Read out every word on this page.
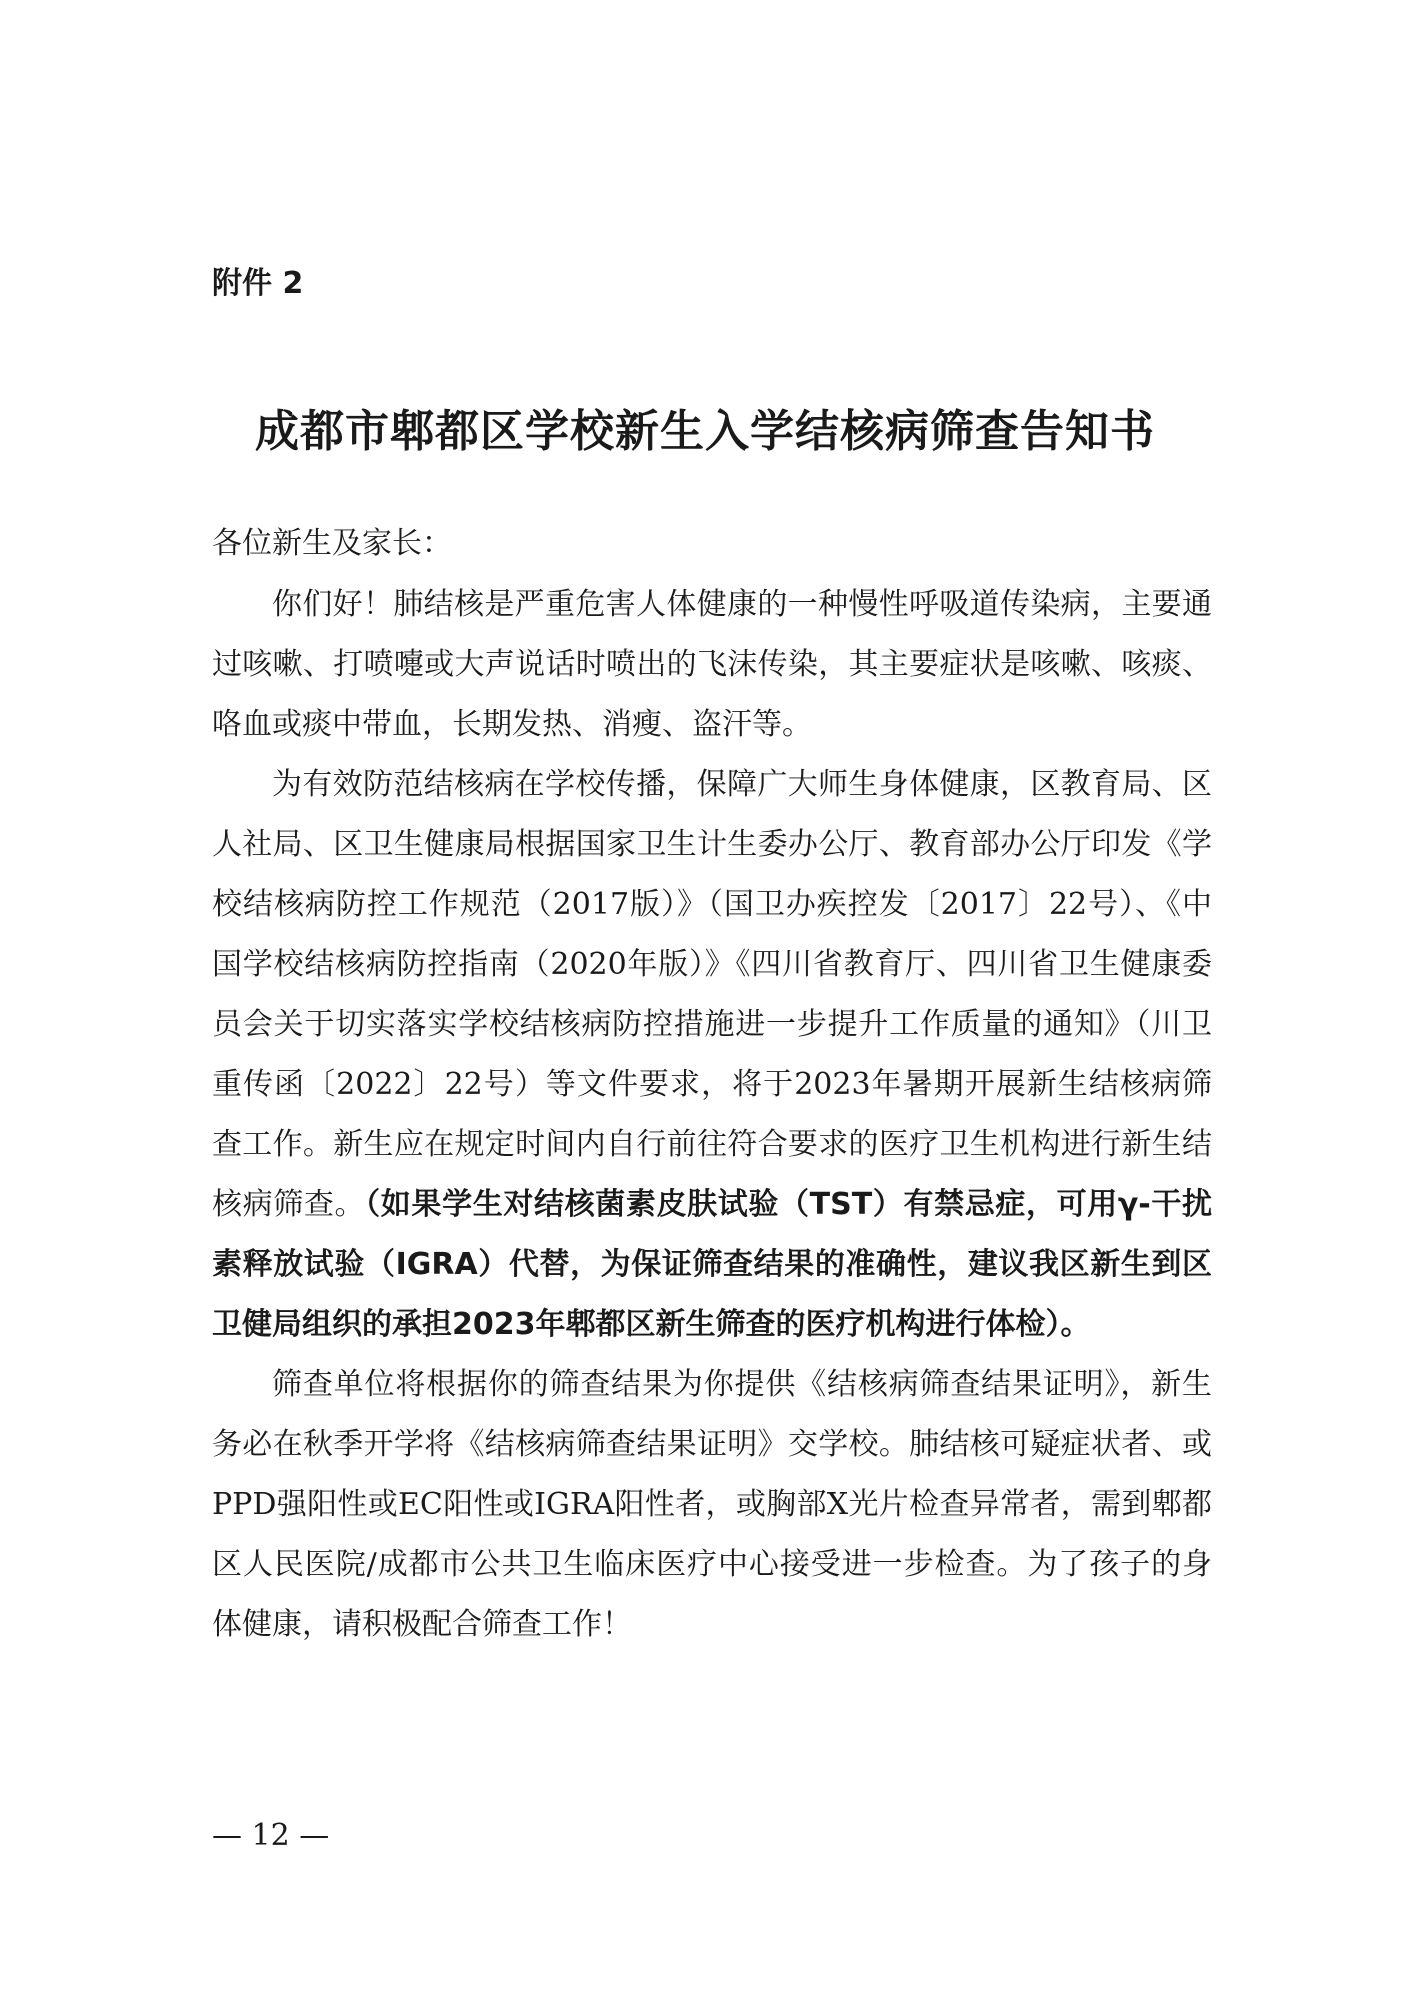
附件 2
成都市郫都区学校新生入学结核病筛查告知书
各位新生及家长：

你们好！肺结核是严重危害人体健康的一种慢性呼吸道传染病，主要通过咳嗽、打喷嚏或大声说话时喷出的飞沫传染，其主要症状是咳嗽、咳痰、咯血或痰中带血，长期发热、消瘦、盗汗等。

为有效防范结核病在学校传播，保障广大师生身体健康，区教育局、区人社局、区卫生健康局根据国家卫生计生委办公厅、教育部办公厅印发《学校结核病防控工作规范（2017版）》（国卫办疾控发〔2017〕22号）、《中国学校结核病防控指南（2020年版）》《四川省教育厅、四川省卫生健康委员会关于切实落实学校结核病防控措施进一步提升工作质量的通知》（川卫重传函〔2022〕22号）等文件要求，将于2023年暑期开展新生结核病筛查工作。新生应在规定时间内自行前往符合要求的医疗卫生机构进行新生结核病筛查。（如果学生对结核菌素皮肤试验（TST）有禁忌症，可用γ-干扰素释放试验（IGRA）代替，为保证筛查结果的准确性，建议我区新生到区卫健局组织的承担2023年郫都区新生筛查的医疗机构进行体检）。

筛查单位将根据你的筛查结果为你提供《结核病筛查结果证明》，新生务必在秋季开学将《结核病筛查结果证明》交学校。肺结核可疑症状者、或PPD强阳性或EC阳性或IGRA阳性者，或胸部X光片检查异常者，需到郫都区人民医院/成都市公共卫生临床医疗中心接受进一步检查。为了孩子的身体健康，请积极配合筛查工作！

— 12 —
